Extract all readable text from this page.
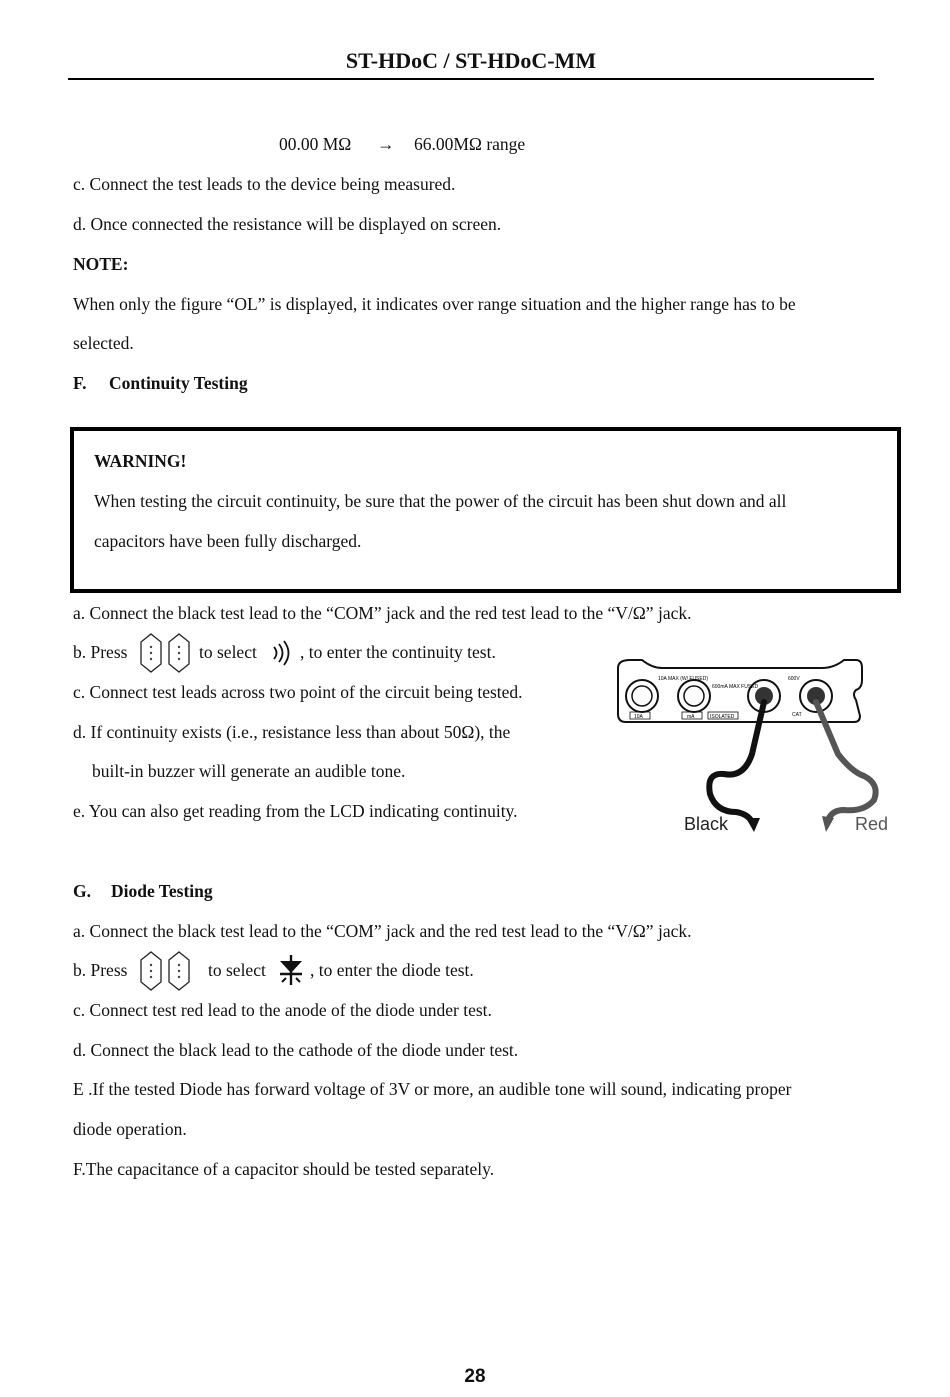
ST-HDoC / ST-HDoC-MM
00.00 MΩ → 66.00MΩ range
c. Connect the test leads to the device being measured.
d. Once connected the resistance will be displayed on screen.
NOTE:
When only the figure “OL” is displayed, it indicates over range situation and the higher range has to be
selected.
F. Continuity Testing
WARNING!
When testing the circuit continuity, be sure that the power of the circuit has been shut down and all
capacitors have been fully discharged.
a. Connect the black test lead to the “COM” jack and the red test lead to the “V/Ω” jack.
b. Press	to select , to enter the continuity test.
c. Connect test leads across two point of the circuit being tested.
d. If continuity exists (i.e., resistance less than about 50Ω), the
built-in buzzer will generate an audible tone.
e. You can also get reading from the LCD indicating continuity.
10A MAX (W/ FUSED)
600mA MAX FUSED
600V
CAT
10A	mA	ISOLATED
Black	Red
G. Diode Testing
a. Connect the black test lead to the “COM” jack and the red test lead to the “V/Ω” jack.
b. Press	to select	, to enter the diode test.
c. Connect test red lead to the anode of the diode under test.
d. Connect the black lead to the cathode of the diode under test.
E .If the tested Diode has forward voltage of 3V or more, an audible tone will sound, indicating proper
diode operation.
F.The capacitance of a capacitor should be tested separately.
28
